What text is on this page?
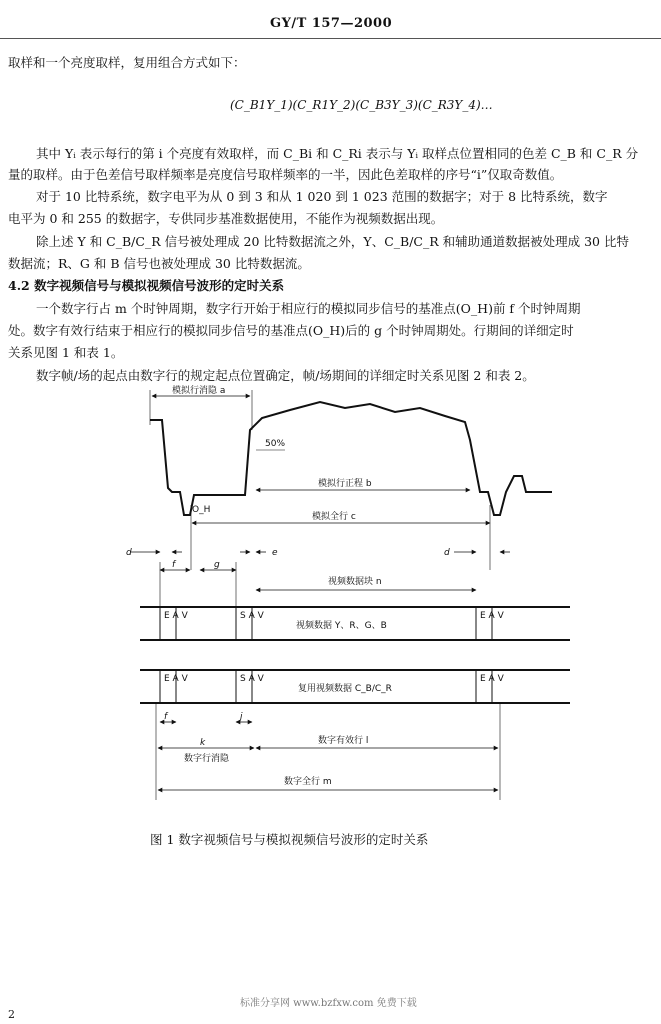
GY/T 157—2000
取样和一个亮度取样，复用组合方式如下：
(C_B1Y_1)(C_R1Y_2)(C_B3Y_3)(C_R3Y_4)…
其中 Yᵢ 表示每行的第 i 个亮度有效取样，而 C_Bi 和 C_Ri 表示与 Yᵢ 取样点位置相同的色差 C_B 和 C_R 分
量的取样。由于色差信号取样频率是亮度信号取样频率的一半，因此色差取样的序号“i”仅取奇数值。
对于 10 比特系统，数字电平为从 0 到 3 和从 1 020 到 1 023 范围的数据字；对于 8 比特系统，数字
电平为 0 和 255 的数据字，专供同步基准数据使用，不能作为视频数据出现。
除上述 Y 和 C_B/C_R 信号被处理成 20 比特数据流之外，Y、C_B/C_R 和辅助通道数据被处理成 30 比特
数据流；R、G 和 B 信号也被处理成 30 比特数据流。
4.2 数字视频信号与模拟视频信号波形的定时关系
一个数字行占 m 个时钟周期，数字行开始于相应行的模拟同步信号的基准点(O_H)前 f 个时钟周期
处。数字有效行结束于相应行的模拟同步信号的基准点(O_H)后的 g 个时钟周期处。行期间的详细定时
关系见图 1 和表 1。
数字帧/场的起点由数字行的规定起点位置确定，帧/场期间的详细定时关系见图 2 和表 2。
50%
模拟行消隐 a
模拟行正程 b
模拟全行 c
O_H
d	e	d
f	g
视频数据块 n
E A V	S A V	E A V
视频数据 Y、R、G、B
E A V	S A V	E A V
复用视频数据 C_B/C_R
f	j
k
数字行消隐
数字有效行 l
数字全行 m
图 1 数字视频信号与模拟视频信号波形的定时关系
标准分享网 www.bzfxw.com 免费下载
2
